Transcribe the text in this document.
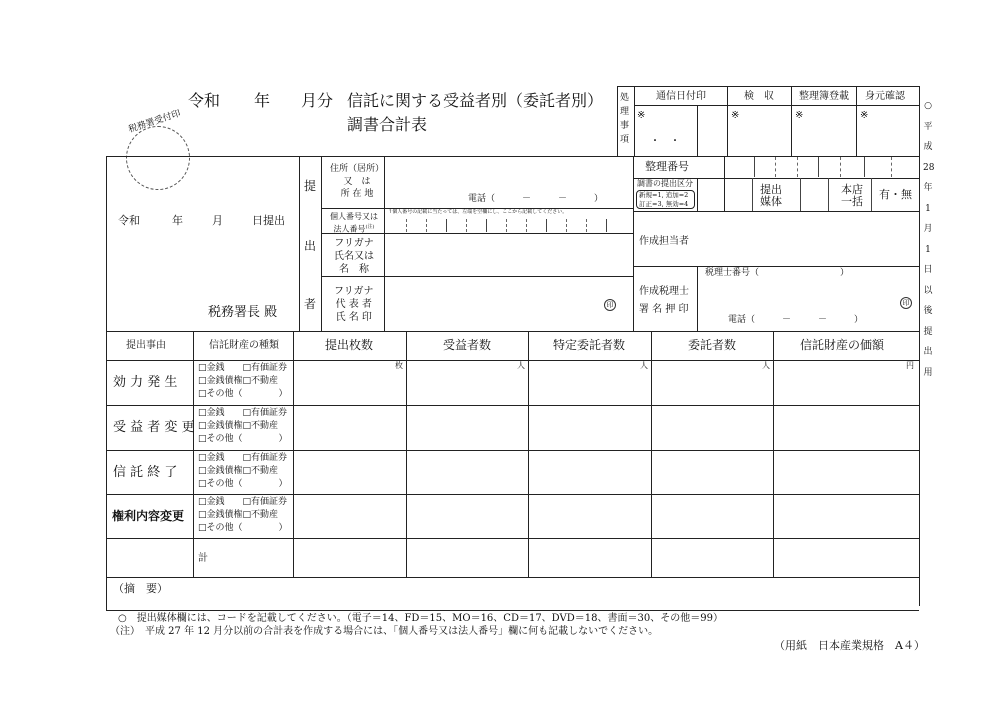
令和 年 月分 信託に関する受益者別（委託者別）
調書合計表
税務署受付印
処
理
事
項
通信日付印	検　収	整理簿登載 身元確認
※	※	※	※
・　・
○
平
成
28
年
1
月
1
日
以
後
提
出
用
令和	年	月	日提出
税務署長 殿
提
出
者
住所（居所）
又　は
所 在 地	電話（　　　－　　　－　　　）
個人番号又は
法人番号$^{(注)}$
↑個人番号の記載に当たっては、左端を空欄にし、ここから記載してください。
フリガナ
氏名又は
名　称
フリガナ
代 表 者
氏 名 印
印
整理番号
調書の提出区分
新規=1, 追加=2
訂正=3, 無効=4
提出
媒体
本店
一括
有・無
作成担当者
作成税理士
署 名 押 印
税理士番号（　　　　　　　　　）
印
電話（　　　－　　　－　　　）
提出事由	信託財産の種類	提出枚数	受益者数	特定委託者数	委託者数	信託財産の価額
枚	人	人	人	円
効 力 発 生
□金銭　　□有価証券
□金銭債権□不動産
□その他（　　　　）
受 益 者 変 更
□金銭　　□有価証券
□金銭債権□不動産
□その他（　　　　）
信 託 終 了
□金銭　　□有価証券
□金銭債権□不動産
□その他（　　　　）
権利内容変更
□金銭　　□有価証券
□金銭債権□不動産
□その他（　　　　）
計
（摘　要）
○　提出媒体欄には、コードを記載してください。（電子＝14、FD＝15、MO＝16、CD＝17、DVD＝18、書面＝30、その他＝99）
（注）　平成 27 年 12 月分以前の合計表を作成する場合には、「個人番号又は法人番号」欄に何も記載しないでください。
（用紙　日本産業規格　A４）
